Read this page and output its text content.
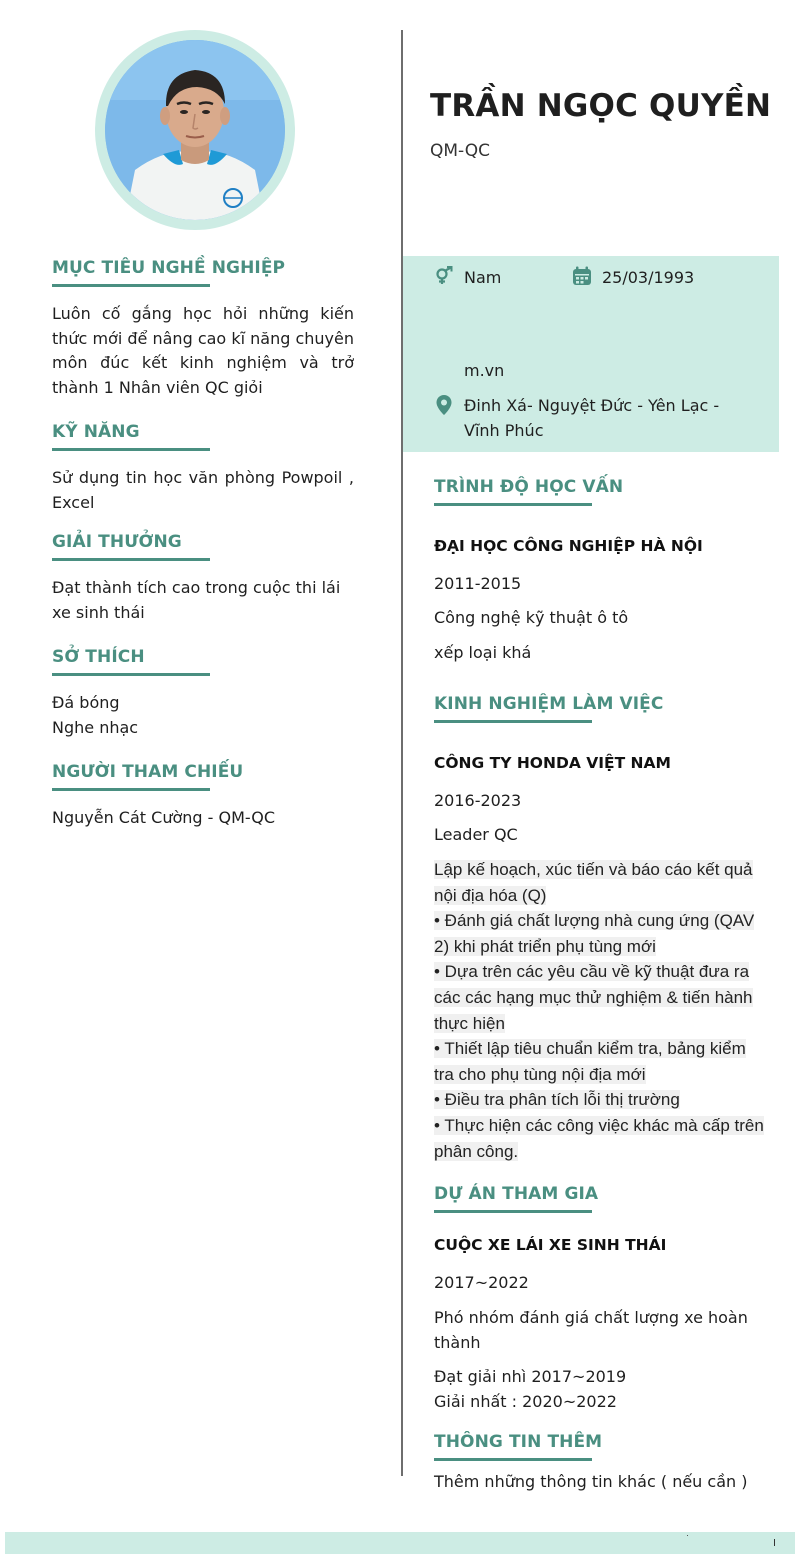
MỤC TIÊU NGHỀ NGHIỆP
Luôn cố gắng học hỏi những kiến thức mới để nâng cao kĩ năng chuyên môn đúc kết kinh nghiệm và trở thành 1 Nhân viên QC giỏi
KỸ NĂNG
Sử dụng tin học văn phòng Powpoil , Excel
GIẢI THƯỞNG
Đạt thành tích cao trong cuộc thi lái xe sinh thái
SỞ THÍCH
Đá bóng
Nghe nhạc
NGƯỜI THAM CHIẾU
Nguyễn Cát Cường - QM-QC
TRẦN NGỌC QUYỀN
QM-QC
Nam	25/03/1993
m.vn
Đinh Xá- Nguyệt Đức - Yên Lạc -
Vĩnh Phúc
TRÌNH ĐỘ HỌC VẤN
ĐẠI HỌC CÔNG NGHIỆP HÀ NỘI
2011-2015
Công nghệ kỹ thuật ô tô
xếp loại khá
KINH NGHIỆM LÀM VIỆC
CÔNG TY HONDA VIỆT NAM
2016-2023
Leader QC
Lập kế hoạch, xúc tiến và báo cáo kết quả nội địa hóa (Q)
• Đánh giá chất lượng nhà cung ứng (QAV 2) khi phát triển phụ tùng mới
• Dựa trên các yêu cầu về kỹ thuật đưa ra các các hạng mục thử nghiệm & tiến hành thực hiện
• Thiết lập tiêu chuẩn kiểm tra, bảng kiểm tra cho phụ tùng nội địa mới
• Điều tra phân tích lỗi thị trường
• Thực hiện các công việc khác mà cấp trên phân công.
DỰ ÁN THAM GIA
CUỘC XE LÁI XE SINH THÁI
2017~2022
Phó nhóm đánh giá chất lượng xe hoàn thành
Đạt giải nhì 2017~2019
Giải nhất : 2020~2022
THÔNG TIN THÊM
Thêm những thông tin khác ( nếu cần )
